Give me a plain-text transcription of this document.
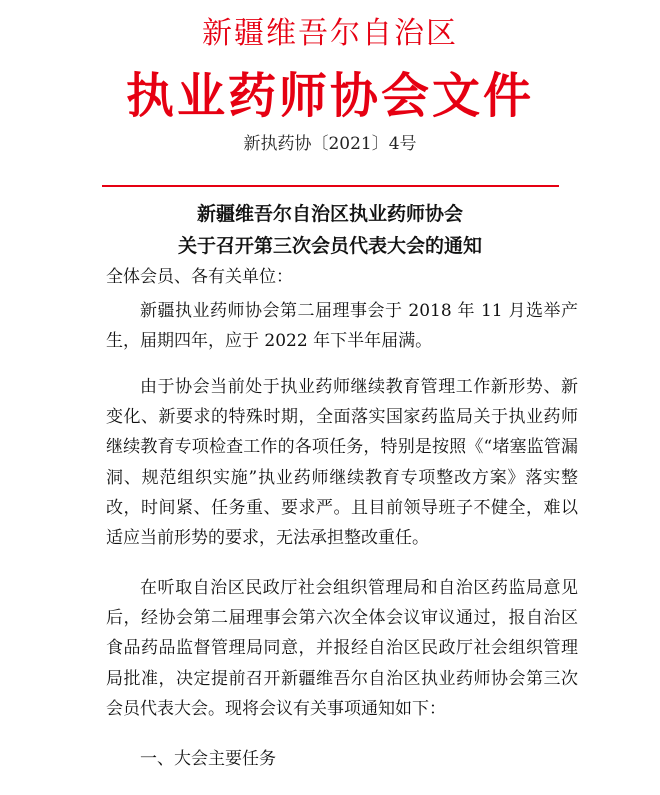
新疆维吾尔自治区
执业药师协会文件
新执药协〔2021〕4号
新疆维吾尔自治区执业药师协会
关于召开第三次会员代表大会的通知
全体会员、各有关单位：
新疆执业药师协会第二届理事会于 2018 年 11 月选举产生，届期四年，应于 2022 年下半年届满。
由于协会当前处于执业药师继续教育管理工作新形势、新变化、新要求的特殊时期，全面落实国家药监局关于执业药师继续教育专项检查工作的各项任务，特别是按照《“堵塞监管漏洞、规范组织实施”执业药师继续教育专项整改方案》落实整改，时间紧、任务重、要求严。且目前领导班子不健全，难以适应当前形势的要求，无法承担整改重任。
在听取自治区民政厅社会组织管理局和自治区药监局意见后，经协会第二届理事会第六次全体会议审议通过，报自治区食品药品监督管理局同意，并报经自治区民政厅社会组织管理局批准，决定提前召开新疆维吾尔自治区执业药师协会第三次会员代表大会。现将会议有关事项通知如下：
一、大会主要任务
